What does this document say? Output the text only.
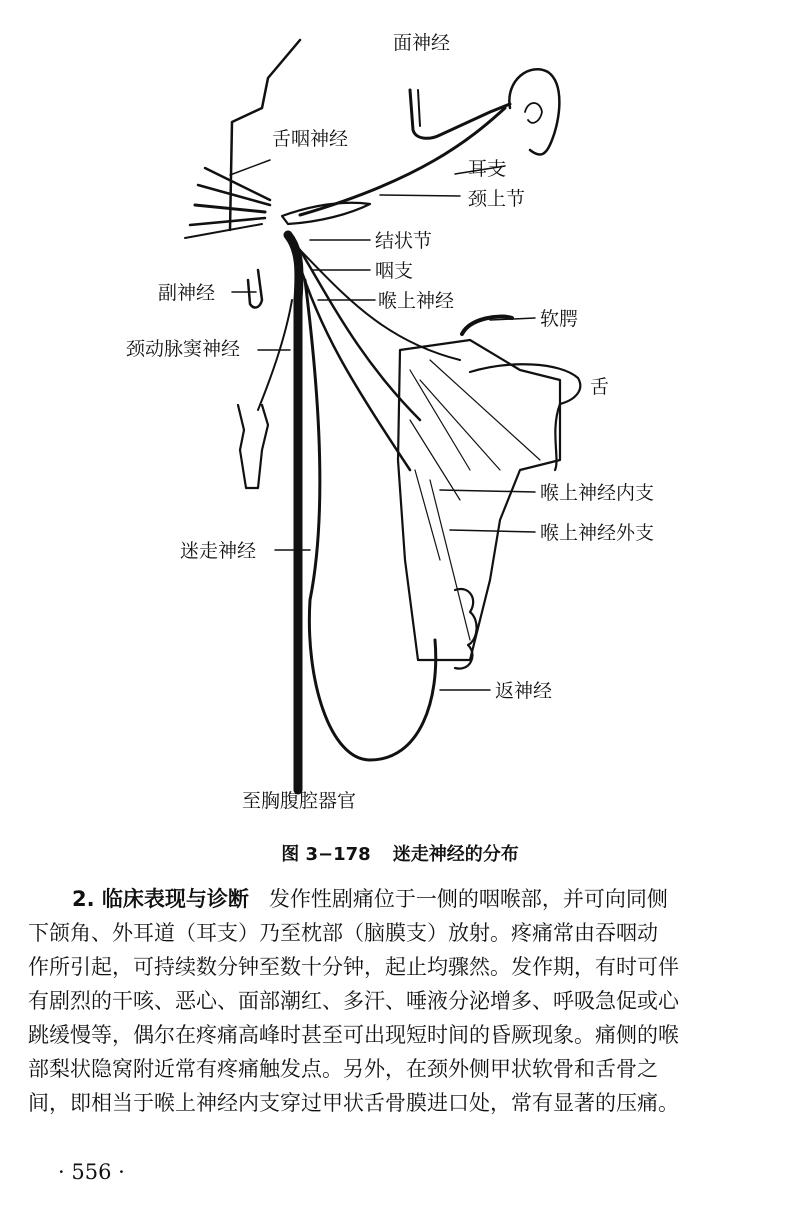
面神经
舌咽神经
耳支
颈上节
结状节
咽支
喉上神经
软腭
舌
副神经
颈动脉窦神经
喉上神经内支
喉上神经外支
迷走神经
返神经
至胸腹腔器官
图 3−178 迷走神经的分布
2. 临床表现与诊断 发作性剧痛位于一侧的咽喉部，并可向同侧
下颌角、外耳道（耳支）乃至枕部（脑膜支）放射。疼痛常由吞咽动
作所引起，可持续数分钟至数十分钟，起止均骤然。发作期，有时可伴
有剧烈的干咳、恶心、面部潮红、多汗、唾液分泌增多、呼吸急促或心
跳缓慢等，偶尔在疼痛高峰时甚至可出现短时间的昏厥现象。痛侧的喉
部梨状隐窝附近常有疼痛触发点。另外，在颈外侧甲状软骨和舌骨之
间，即相当于喉上神经内支穿过甲状舌骨膜进口处，常有显著的压痛。
· 556 ·
